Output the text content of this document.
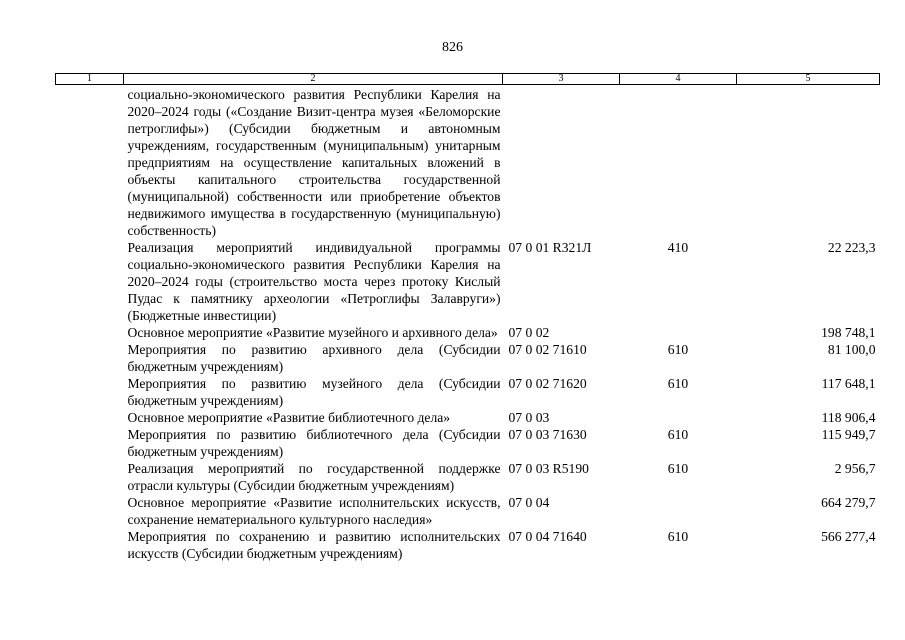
826
1	2	3	4	5
	социально-экономического развития Республики Карелия на 2020–2024 годы («Создание Визит-центра музея «Беломорские петроглифы») (Субсидии бюджетным и автономным учреждениям, государственным (муниципальным) унитарным предприятиям на осуществление капитальных вложений в объекты капитального строительства государственной (муниципальной) собственности или приобретение объектов недвижимого имущества в государственную (муниципальную) собственность)			
	Реализация мероприятий индивидуальной программы социально-экономического развития Республики Карелия на 2020–2024 годы (строительство моста через протоку Кислый Пудас к памятнику археологии «Петроглифы Залавруги») (Бюджетные инвестиции)	07 0 01 R321Л	410	22 223,3
	Основное мероприятие «Развитие музейного и архивного дела»	07 0 02		198 748,1
	Мероприятия по развитию архивного дела (Субсидии бюджетным учреждениям)	07 0 02 71610	610	81 100,0
	Мероприятия по развитию музейного дела (Субсидии бюджетным учреждениям)	07 0 02 71620	610	117 648,1
	Основное мероприятие «Развитие библиотечного дела»	07 0 03		118 906,4
	Мероприятия по развитию библиотечного дела (Субсидии бюджетным учреждениям)	07 0 03 71630	610	115 949,7
	Реализация мероприятий по государственной поддержке отрасли культуры (Субсидии бюджетным учреждениям)	07 0 03 R5190	610	2 956,7
	Основное мероприятие «Развитие исполнительских искусств, сохранение нематериального культурного наследия»	07 0 04		664 279,7
	Мероприятия по сохранению и развитию исполнительских искусств (Субсидии бюджетным учреждениям)	07 0 04 71640	610	566 277,4
